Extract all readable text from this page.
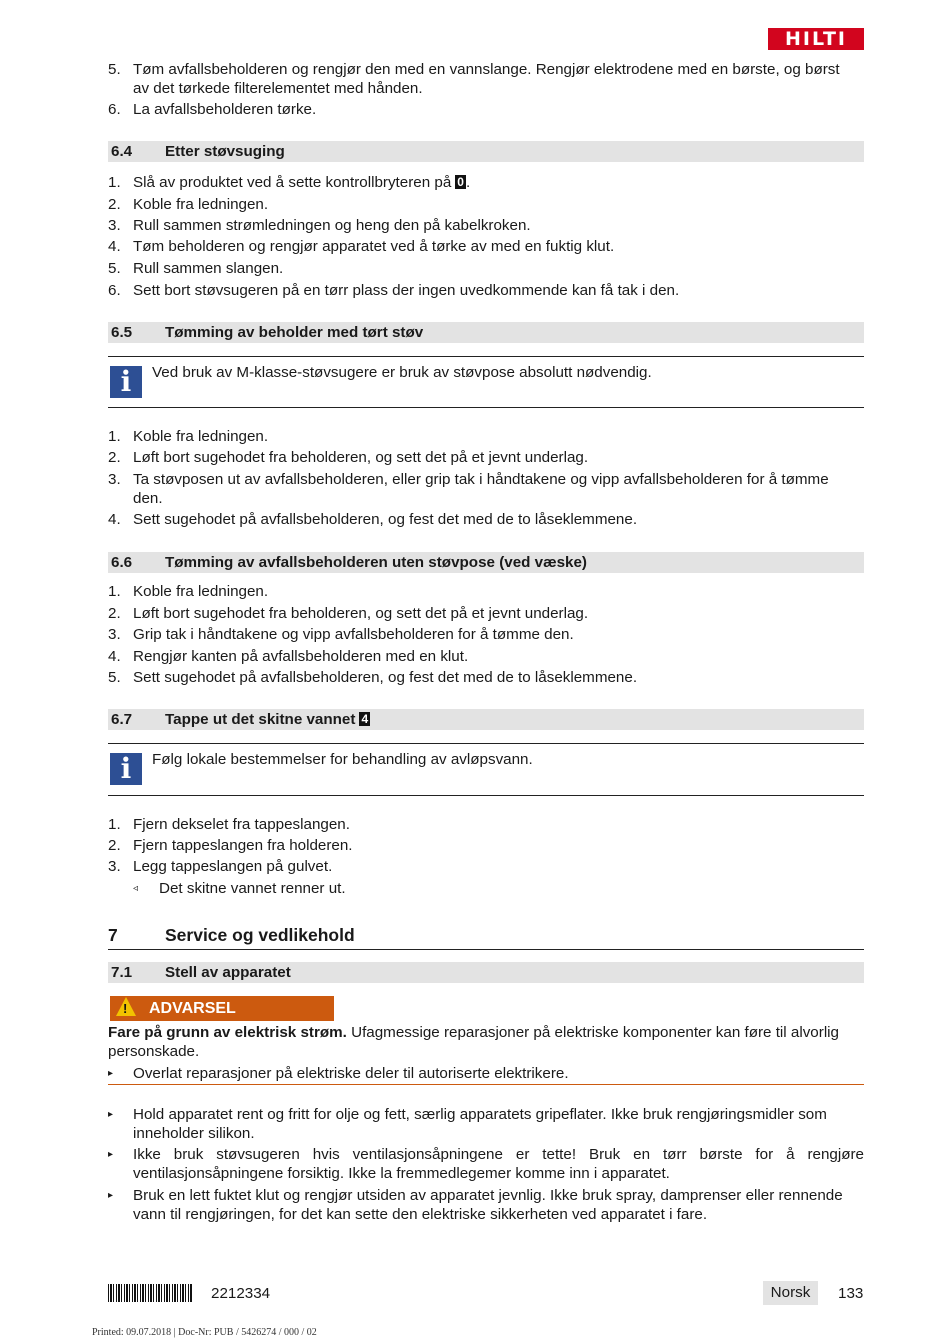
HILTI
5. Tøm avfallsbeholderen og rengjør den med en vannslange. Rengjør elektrodene med en børste, og børst
av det tørkede filterelementet med hånden.
6. La avfallsbeholderen tørke.
6.4 Etter støvsuging
1. Slå av produktet ved å sette kontrollbryteren på 0 .
2. Koble fra ledningen.
3. Rull sammen strømledningen og heng den på kabelkroken.
4. Tøm beholderen og rengjør apparatet ved å tørke av med en fuktig klut.
5. Rull sammen slangen.
6. Sett bort støvsugeren på en tørr plass der ingen uvedkommende kan få tak i den.
6.5 Tømming av beholder med tørt støv
i	Ved bruk av M-klasse-støvsugere er bruk av støvpose absolutt nødvendig.
1. Koble fra ledningen.
2. Løft bort sugehodet fra beholderen, og sett det på et jevnt underlag.
3. Ta støvposen ut av avfallsbeholderen, eller grip tak i håndtakene og vipp avfallsbeholderen for å tømme
den.
4. Sett sugehodet på avfallsbeholderen, og fest det med de to låseklemmene.
6.6 Tømming av avfallsbeholderen uten støvpose (ved væske)
1. Koble fra ledningen.
2. Løft bort sugehodet fra beholderen, og sett det på et jevnt underlag.
3. Grip tak i håndtakene og vipp avfallsbeholderen for å tømme den.
4. Rengjør kanten på avfallsbeholderen med en klut.
5. Sett sugehodet på avfallsbeholderen, og fest det med de to låseklemmene.
6.7 Tappe ut det skitne vannet 4
i	Følg lokale bestemmelser for behandling av avløpsvann.
1. Fjern dekselet fra tappeslangen.
2. Fjern tappeslangen fra holderen.
3. Legg tappeslangen på gulvet.
◃ Det skitne vannet renner ut.
7	Service og vedlikehold
7.1 Stell av apparatet
! ADVARSEL
Fare på grunn av elektrisk strøm. Ufagmessige reparasjoner på elektriske komponenter kan føre til alvorlig
personskade.
▸ Overlat reparasjoner på elektriske deler til autoriserte elektrikere.
▸ Hold apparatet rent og fritt for olje og fett, særlig apparatets gripeflater. Ikke bruk rengjøringsmidler som
inneholder silikon.
▸ Ikke bruk støvsugeren hvis ventilasjonsåpningene er tette! Bruk en tørr børste for å rengjøre
ventilasjonsåpningene forsiktig. Ikke la fremmedlegemer komme inn i apparatet.
▸ Bruk en lett fuktet klut og rengjør utsiden av apparatet jevnlig. Ikke bruk spray, damprenser eller rennende
vann til rengjøringen, for det kan sette den elektriske sikkerheten ved apparatet i fare.
2212334	Norsk	133
Printed: 09.07.2018 | Doc-Nr: PUB / 5426274 / 000 / 02
